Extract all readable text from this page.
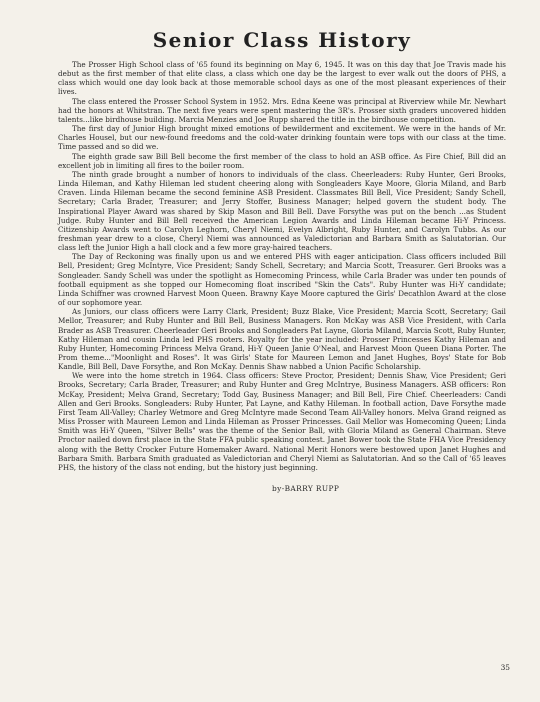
Senior Class History

The Prosser High School class of '65 found its beginning on May 6, 1945. It was on this day that Joe Travis made his debut as the first member of that elite class, a class which one day be the largest to ever walk out the doors of PHS, a class which would one day look back at those memorable school days as one of the most pleasant experiences of their lives.

The class entered the Prosser School System in 1952. Mrs. Edna Keene was principal at Riverview while Mr. Newhart had the honors at Whitstran. The next five years were spent mastering the 3R's. Prosser sixth graders uncovered hidden talents...like birdhouse building. Marcia Menzies and Joe Rupp shared the title in the birdhouse competition.

The first day of Junior High brought mixed emotions of bewilderment and excitement. We were in the hands of Mr. Charles Housel, but our new-found freedoms and the cold-water drinking fountain were tops with our class at the time. Time passed and so did we.

The eighth grade saw Bill Bell become the first member of the class to hold an ASB office. As Fire Chief, Bill did an excellent job in limiting all fires to the boiler room.

The ninth grade brought a number of honors to individuals of the class. Cheerleaders: Ruby Hunter, Geri Brooks, Linda Hileman, and Kathy Hileman led student cheering along with Songleaders Kaye Moore, Gloria Miland, and Barb Craven. Linda Hileman became the second feminine ASB President. Classmates Bill Bell, Vice President; Sandy Schell, Secretary; Carla Brader, Treasurer; and Jerry Stoffer, Business Manager; helped govern the student body. The Inspirational Player Award was shared by Skip Mason and Bill Bell. Dave Forsythe was put on the bench ...as Student Judge. Ruby Hunter and Bill Bell received the American Legion Awards and Linda Hileman became Hi-Y Princess. Citizenship Awards went to Carolyn Leghorn, Cheryl Niemi, Evelyn Albright, Ruby Hunter, and Carolyn Tubbs. As our freshman year drew to a close, Cheryl Niemi was announced as Valedictorian and Barbara Smith as Salutatorian. Our class left the Junior High a hall clock and a few more gray-haired teachers.

The Day of Reckoning was finally upon us and we entered PHS with eager anticipation. Class officers included Bill Bell, President; Greg McIntyre, Vice President; Sandy Schell, Secretary; and Marcia Scott, Treasurer. Geri Brooks was a Songleader. Sandy Schell was under the spotlight as Homecoming Princess, while Carla Brader was under ten pounds of football equipment as she topped our Homecoming float inscribed "Skin the Cats". Ruby Hunter was Hi-Y candidate; Linda Schiffner was crowned Harvest Moon Queen. Brawny Kaye Moore captured the Girls' Decathlon Award at the close of our sophomore year.

As Juniors, our class officers were Larry Clark, President; Buzz Blake, Vice President; Marcia Scott, Secretary; Gail Mellor, Treasurer; and Ruby Hunter and Bill Bell, Business Managers. Ron McKay was ASB Vice President, with Carla Brader as ASB Treasurer. Cheerleader Geri Brooks and Songleaders Pat Layne, Gloria Miland, Marcia Scott, Ruby Hunter, Kathy Hileman and cousin Linda led PHS rooters. Royalty for the year included: Prosser Princesses Kathy Hileman and Ruby Hunter, Homecoming Princess Melva Grand, Hi-Y Queen Janie O'Neal, and Harvest Moon Queen Diana Porter. The Prom theme..."Moonlight and Roses". It was Girls' State for Maureen Lemon and Janet Hughes, Boys' State for Bob Kandle, Bill Bell, Dave Forsythe, and Ron McKay. Dennis Shaw nabbed a Union Pacific Scholarship.

We were into the home stretch in 1964. Class officers: Steve Proctor, President; Dennis Shaw, Vice President; Geri Brooks, Secretary; Carla Brader, Treasurer; and Ruby Hunter and Greg McIntrye, Business Managers. ASB officers: Ron McKay, President; Melva Grand, Secretary; Todd Gay, Business Manager; and Bill Bell, Fire Chief. Cheerleaders: Candi Allen and Geri Brooks. Songleaders: Ruby Hunter, Pat Layne, and Kathy Hileman. In football action, Dave Forsythe made First Team All-Valley; Charley Wetmore and Greg McIntyre made Second Team All-Valley honors. Melva Grand reigned as Miss Prosser with Maureen Lemon and Linda Hileman as Prosser Princesses. Gail Mellor was Homecoming Queen; Linda Smith was Hi-Y Queen, "Silver Bells" was the theme of the Senior Ball, with Gloria Miland as General Chairman. Steve Proctor nailed down first place in the State FFA public speaking contest. Janet Bower took the State FHA Vice Presidency along with the Betty Crocker Future Homemaker Award. National Merit Honors were bestowed upon Janet Hughes and Barbara Smith. Barbara Smith graduated as Valedictorian and Cheryl Niemi as Salutatorian. And so the Call of '65 leaves PHS, the history of the class not ending, but the history just beginning.

by-BARRY RUPP
35
